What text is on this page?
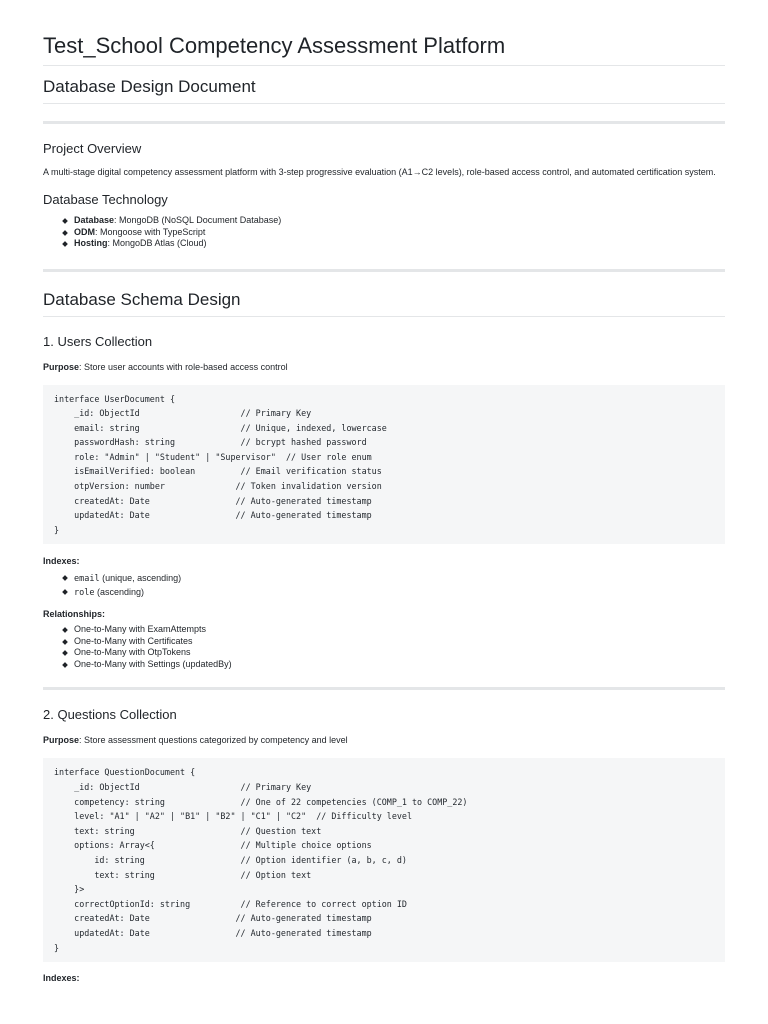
Test_School Competency Assessment Platform
Database Design Document
Project Overview

A multi-stage digital competency assessment platform with 3-step progressive evaluation (A1→C2 levels), role-based access control, and automated certification system.

Database Technology
Database: MongoDB (NoSQL Document Database)
ODM: Mongoose with TypeScript
Hosting: MongoDB Atlas (Cloud)
Database Schema Design
1. Users Collection

Purpose: Store user accounts with role-based access control

interface UserDocument {
_id: ObjectId                    // Primary Key
email: string                    // Unique, indexed, lowercase
passwordHash: string             // bcrypt hashed password
role: "Admin" | "Student" | "Supervisor"  // User role enum
isEmailVerified: boolean         // Email verification status
otpVersion: number              // Token invalidation version
createdAt: Date                 // Auto-generated timestamp
updatedAt: Date                 // Auto-generated timestamp
}

Indexes:

email (unique, ascending)
role (ascending)

Relationships:

One-to-Many with ExamAttempts
One-to-Many with Certificates
One-to-Many with OtpTokens
One-to-Many with Settings (updatedBy)
2. Questions Collection

Purpose: Store assessment questions categorized by competency and level

interface QuestionDocument {
_id: ObjectId                    // Primary Key
competency: string               // One of 22 competencies (COMP_1 to COMP_22)
level: "A1" | "A2" | "B1" | "B2" | "C1" | "C2"  // Difficulty level
text: string                     // Question text
options: Array<{                 // Multiple choice options
id: string                   // Option identifier (a, b, c, d)
text: string                 // Option text
}>
correctOptionId: string          // Reference to correct option ID
createdAt: Date                 // Auto-generated timestamp
updatedAt: Date                 // Auto-generated timestamp
}

Indexes:
